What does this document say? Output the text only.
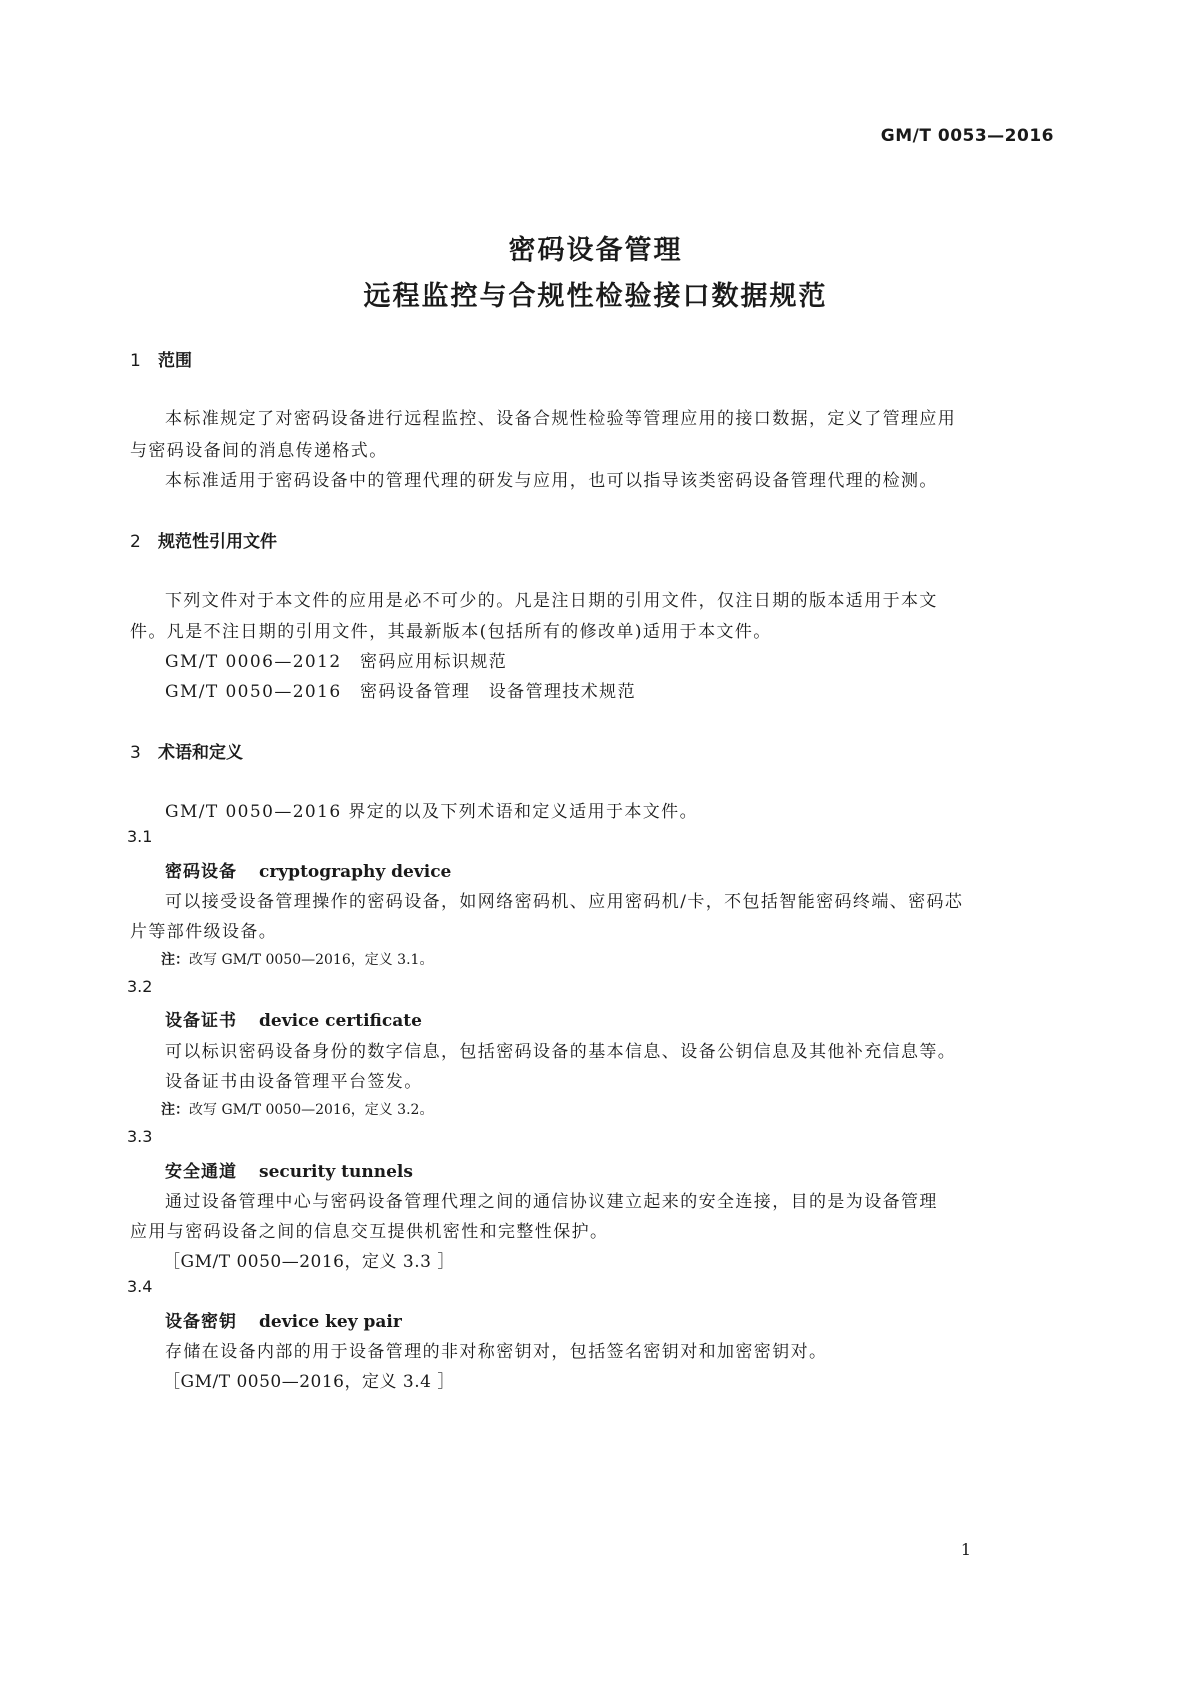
GM/T 0053—2016
密码设备管理
远程监控与合规性检验接口数据规范
1 范围
本标准规定了对密码设备进行远程监控、设备合规性检验等管理应用的接口数据，定义了管理应用
与密码设备间的消息传递格式。
本标准适用于密码设备中的管理代理的研发与应用，也可以指导该类密码设备管理代理的检测。
2 规范性引用文件
下列文件对于本文件的应用是必不可少的。凡是注日期的引用文件，仅注日期的版本适用于本文
件。凡是不注日期的引用文件，其最新版本(包括所有的修改单)适用于本文件。
GM/T 0006—2012　密码应用标识规范
GM/T 0050—2016　密码设备管理　设备管理技术规范
3 术语和定义
GM/T 0050—2016 界定的以及下列术语和定义适用于本文件。
3.1
密码设备 cryptography device
可以接受设备管理操作的密码设备，如网络密码机、应用密码机/卡，不包括智能密码终端、密码芯
片等部件级设备。
注：改写 GM/T 0050—2016，定义 3.1。
3.2
设备证书 device certificate
可以标识密码设备身份的数字信息，包括密码设备的基本信息、设备公钥信息及其他补充信息等。
设备证书由设备管理平台签发。
注：改写 GM/T 0050—2016，定义 3.2。
3.3
安全通道 security tunnels
通过设备管理中心与密码设备管理代理之间的通信协议建立起来的安全连接，目的是为设备管理
应用与密码设备之间的信息交互提供机密性和完整性保护。
［GM/T 0050—2016，定义 3.3 ］
3.4
设备密钥 device key pair
存储在设备内部的用于设备管理的非对称密钥对，包括签名密钥对和加密密钥对。
［GM/T 0050—2016，定义 3.4 ］
1
